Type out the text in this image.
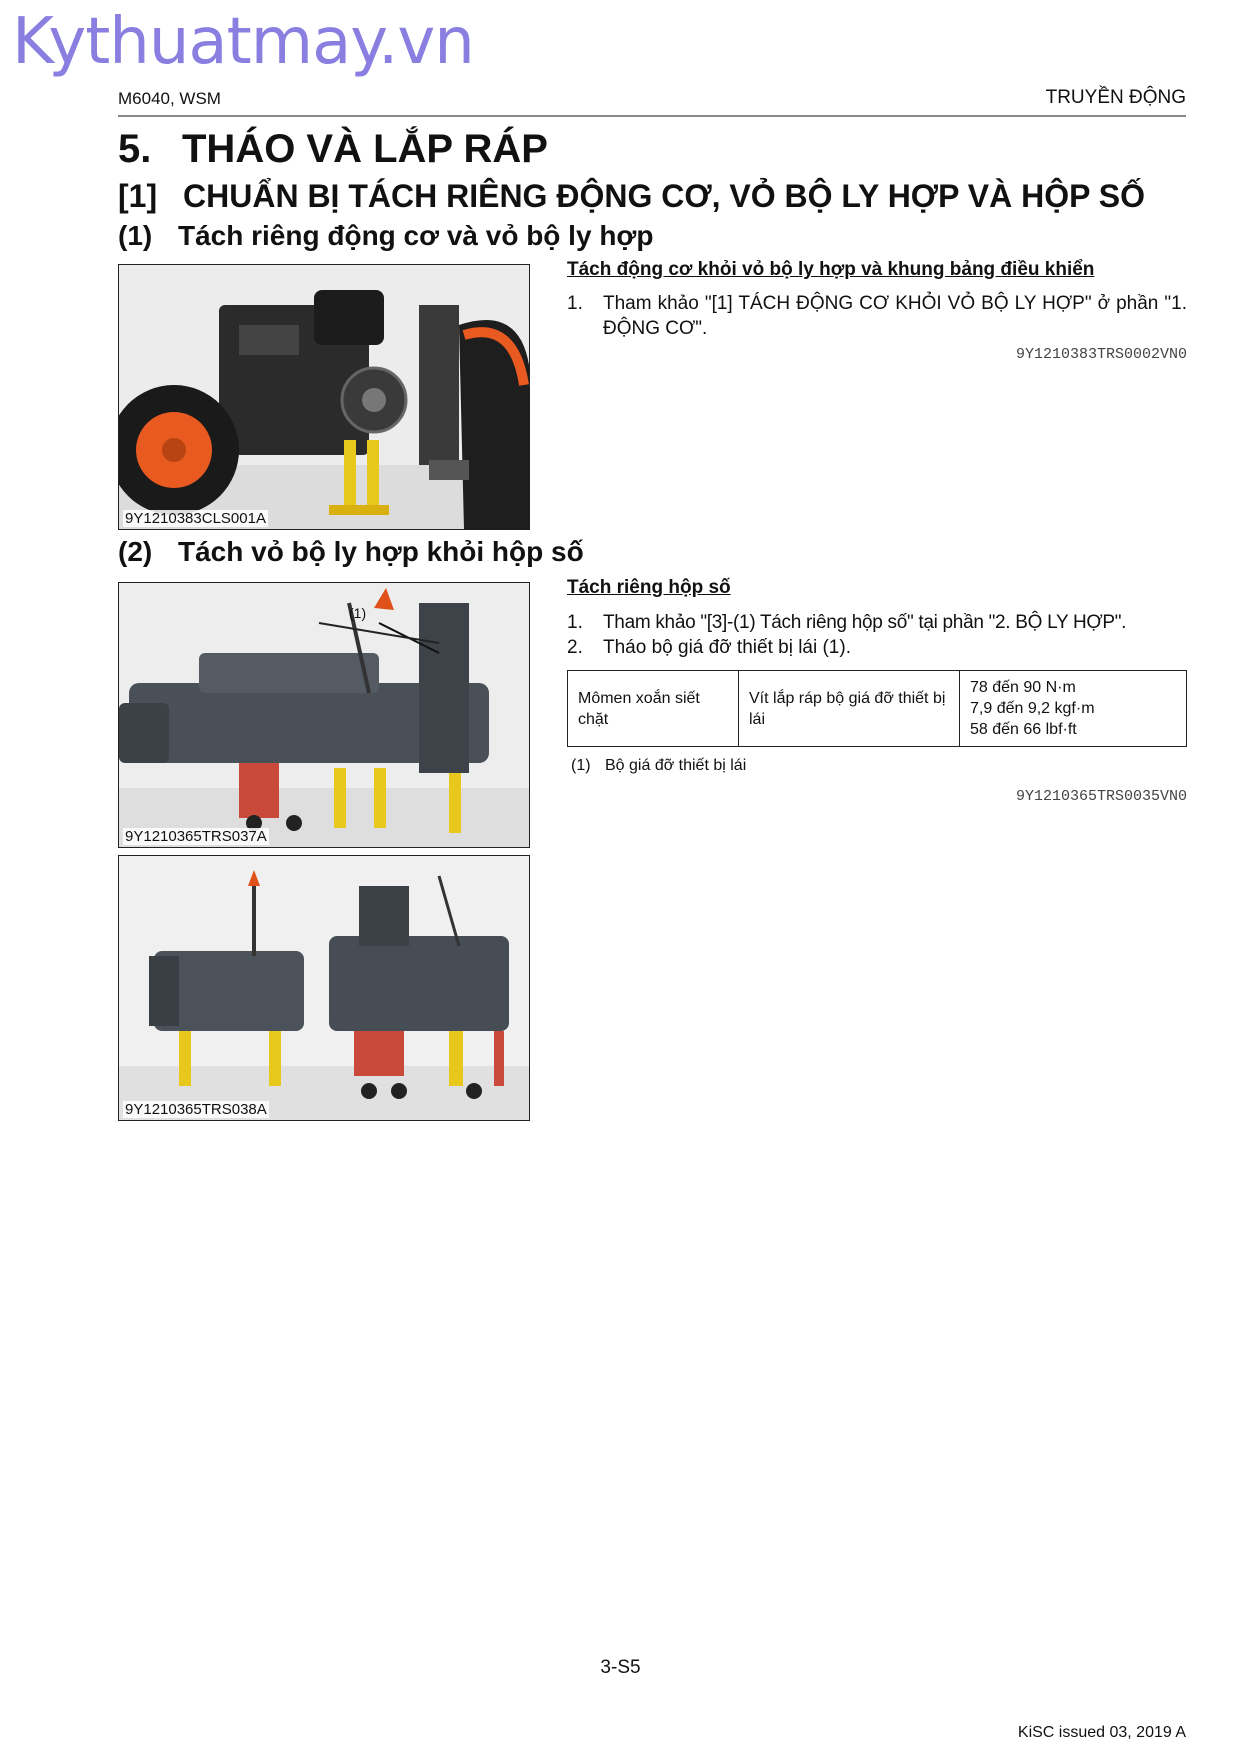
Kythuatmay.vn
M6040, WSM	TRUYỀN ĐỘNG
5. THÁO VÀ LẮP RÁP
[1] CHUẨN BỊ TÁCH RIÊNG ĐỘNG CƠ, VỎ BỘ LY HỢP VÀ HỘP SỐ
(1) Tách riêng động cơ và vỏ bộ ly hợp
9Y1210383CLS001A
Tách động cơ khỏi vỏ bộ ly hợp và khung bảng điều khiển
1.	Tham khảo "[1] TÁCH ĐỘNG CƠ KHỎI VỎ BỘ LY HỢP" ở phần "1. ĐỘNG CƠ".
9Y1210383TRS0002VN0
(2) Tách vỏ bộ ly hợp khỏi hộp số
(1)
9Y1210365TRS037A
9Y1210365TRS038A
Tách riêng hộp số
1.	Tham khảo "[3]-(1) Tách riêng hộp số" tại phần "2. BỘ LY HỢP".
2.	Tháo bộ giá đỡ thiết bị lái (1).
Mômen xoắn siết chặt	Vít lắp ráp bộ giá đỡ thiết bị lái	
78 đến 90 N·m
7,9 đến 9,2 kgf·m
58 đến 66 lbf·ft
(1) Bộ giá đỡ thiết bị lái
9Y1210365TRS0035VN0
3-S5
KiSC issued 03, 2019 A
